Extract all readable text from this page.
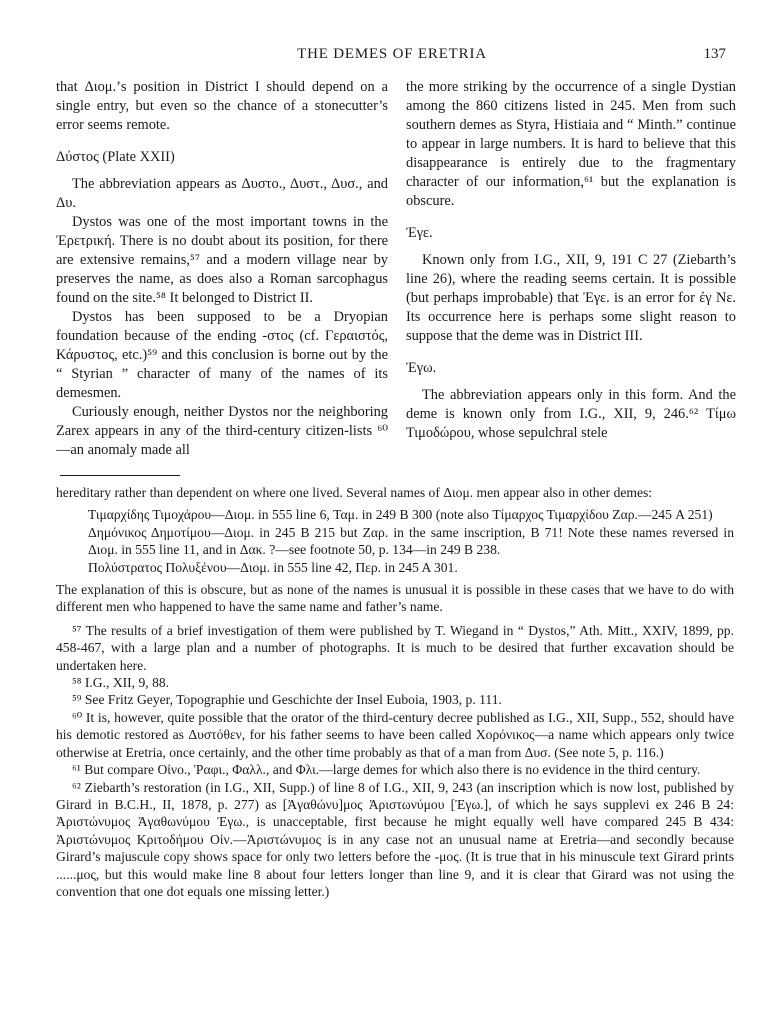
THE DEMES OF ERETRIA	137

that Διομ.’s position in District I should depend on a single entry, but even so the chance of a stonecutter’s error seems remote.

Δύστος (Plate XXII)

The abbreviation appears as Δυστο., Δυστ., Δυσ., and Δυ.

Dystos was one of the most important towns in the Ἐρετρική. There is no doubt about its position, for there are extensive remains,⁵⁷ and a modern village near by preserves the name, as does also a Roman sarcophagus found on the site.⁵⁸ It belonged to District II.

Dystos has been supposed to be a Dryopian foundation because of the ending -στος (cf. Γεραιστός, Κάρυστος, etc.)⁵⁹ and this conclusion is borne out by the “ Styrian ” character of many of the names of its demesmen.

Curiously enough, neither Dystos nor the neighboring Zarex appears in any of the third-century citizen-lists ⁶⁰—an anomaly made all

the more striking by the occurrence of a single Dystian among the 860 citizens listed in 245. Men from such southern demes as Styra, Histiaia and “ Minth.” continue to appear in large numbers. It is hard to believe that this disappearance is entirely due to the fragmentary character of our information,⁶¹ but the explanation is obscure.

Ἐγε.

Known only from I.G., XII, 9, 191 C 27 (Ziebarth’s line 26), where the reading seems certain. It is possible (but perhaps improbable) that Ἐγε. is an error for ἐγ Νε. Its occurrence here is perhaps some slight reason to suppose that the deme was in District III.

Ἐγω.

The abbreviation appears only in this form. And the deme is known only from I.G., XII, 9, 246.⁶² Τίμω Τιμοδώρου, whose sepulchral stele

hereditary rather than dependent on where one lived. Several names of Διομ. men appear also in other demes:

Τιμαρχίδης Τιμοχάρου—Διομ. in 555 line 6, Ταμ. in 249 B 300 (note also Τίμαρχος Τιμαρχίδου Ζαρ.—245 A 251)

Δημόνικος Δημοτίμου—Διομ. in 245 B 215 but Ζαρ. in the same inscription, B 71! Note these names reversed in Διομ. in 555 line 11, and in Δακ. ?—see footnote 50, p. 134—in 249 B 238.

Πολύστρατος Πολυξένου—Διομ. in 555 line 42, Περ. in 245 A 301.

The explanation of this is obscure, but as none of the names is unusual it is possible in these cases that we have to do with different men who happened to have the same name and father’s name.

⁵⁷ The results of a brief investigation of them were published by T. Wiegand in “ Dystos,” Ath. Mitt., XXIV, 1899, pp. 458-467, with a large plan and a number of photographs. It is much to be desired that further excavation should be undertaken here.

⁵⁸ I.G., XII, 9, 88.

⁵⁹ See Fritz Geyer, Topographie und Geschichte der Insel Euboia, 1903, p. 111.

⁶⁰ It is, however, quite possible that the orator of the third-century decree published as I.G., XII, Supp., 552, should have his demotic restored as Δυστόθεν, for his father seems to have been called Χορόνικος—a name which appears only twice otherwise at Eretria, once certainly, and the other time probably as that of a man from Δυσ. (See note 5, p. 116.)

⁶¹ But compare Οἰνο., Ῥαφι., Φαλλ., and Φλι.—large demes for which also there is no evidence in the third century.

⁶² Ziebarth’s restoration (in I.G., XII, Supp.) of line 8 of I.G., XII, 9, 243 (an inscription which is now lost, published by Girard in B.C.H., II, 1878, p. 277) as [Ἀγαθώνυ]μος Ἀριστωνύμου [Ἐγω.], of which he says supplevi ex 246 B 24: Ἀριστώνυμος Ἀγαθωνύμου Ἐγω., is unacceptable, first because he might equally well have compared 245 B 434: Ἀριστώνυμος Κριτοδήμου Οἰν.—Ἀριστώνυμος is in any case not an unusual name at Eretria—and secondly because Girard’s majuscule copy shows space for only two letters before the -μος. (It is true that in his minuscule text Girard prints ......μος, but this would make line 8 about four letters longer than line 9, and it is clear that Girard was not using the convention that one dot equals one missing letter.)
